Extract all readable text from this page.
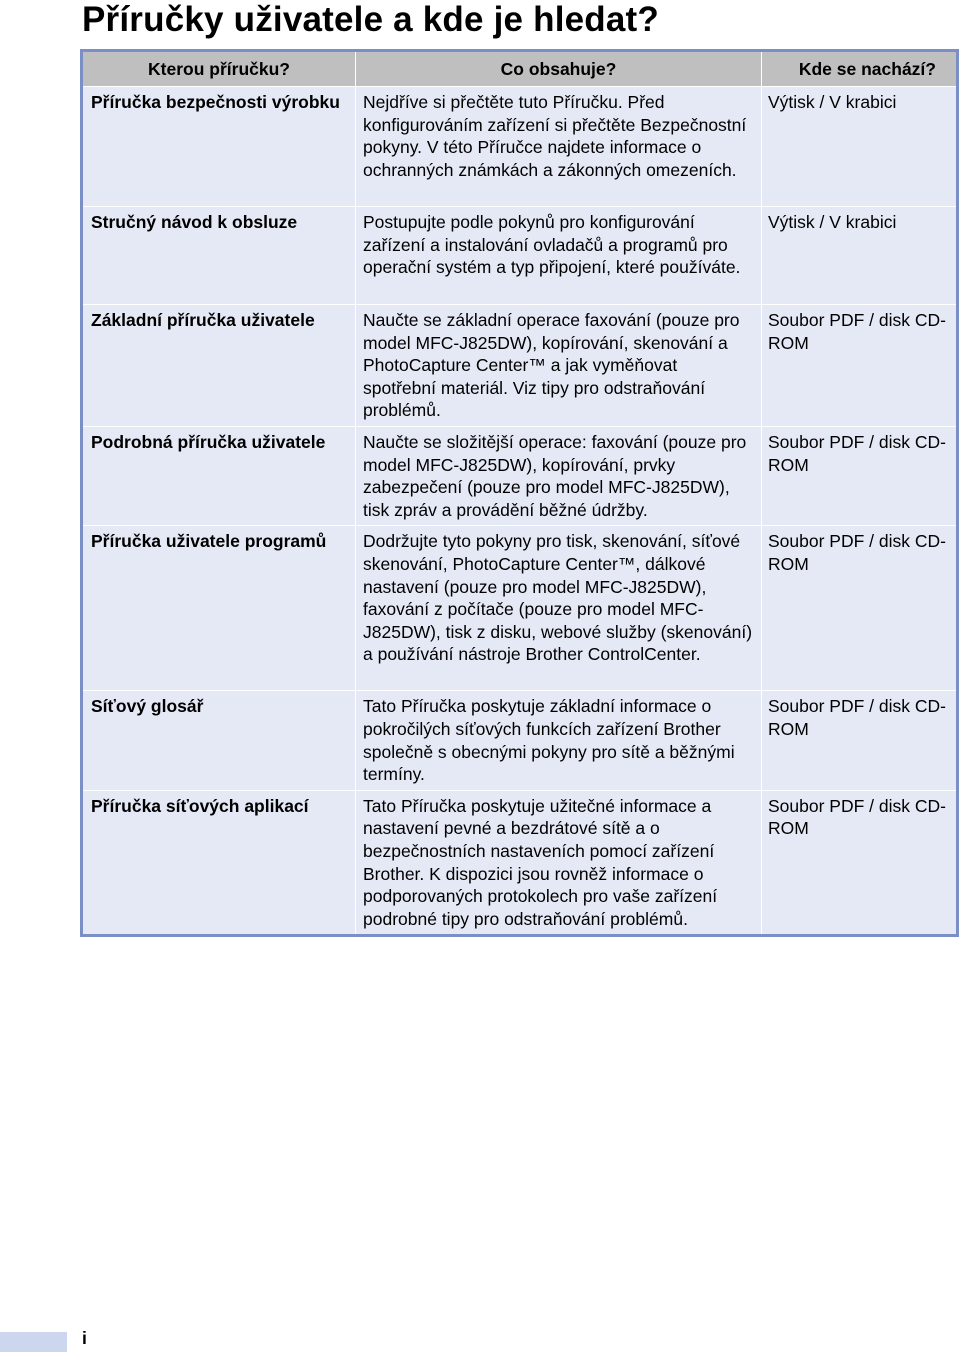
Příručky uživatele a kde je hledat?
Kterou příručku?	Co obsahuje?	Kde se nachází?
Příručka bezpečnosti výrobku	Nejdříve si přečtěte tuto Příručku. Před konfigurováním zařízení si přečtěte Bezpečnostní pokyny. V této Příručce najdete informace o ochranných známkách a zákonných omezeních.	Výtisk / V krabici
Stručný návod k obsluze	Postupujte podle pokynů pro konfigurování zařízení a instalování ovladačů a programů pro operační systém a typ připojení, které používáte.	Výtisk / V krabici
Základní příručka uživatele	Naučte se základní operace faxování (pouze pro model MFC-J825DW), kopírování, skenování a PhotoCapture Center™ a jak vyměňovat spotřební materiál. Viz tipy pro odstraňování problémů.	Soubor PDF / disk CD-ROM
Podrobná příručka uživatele	Naučte se složitější operace: faxování (pouze pro model MFC-J825DW), kopírování, prvky zabezpečení (pouze pro model MFC-J825DW), tisk zpráv a provádění běžné údržby.	Soubor PDF / disk CD-ROM
Příručka uživatele programů	Dodržujte tyto pokyny pro tisk, skenování, síťové skenování, PhotoCapture Center™, dálkové nastavení (pouze pro model MFC-J825DW), faxování z počítače (pouze pro model MFC-J825DW), tisk z disku, webové služby (skenování) a používání nástroje Brother ControlCenter.	Soubor PDF / disk CD-ROM
Síťový glosář	Tato Příručka poskytuje základní informace o pokročilých síťových funkcích zařízení Brother společně s obecnými pokyny pro sítě a běžnými termíny.	Soubor PDF / disk CD-ROM
Příručka síťových aplikací	Tato Příručka poskytuje užitečné informace a nastavení pevné a bezdrátové sítě a o bezpečnostních nastaveních pomocí zařízení Brother. K dispozici jsou rovněž informace o podporovaných protokolech pro vaše zařízení podrobné tipy pro odstraňování problémů.	Soubor PDF / disk CD-ROM
i
